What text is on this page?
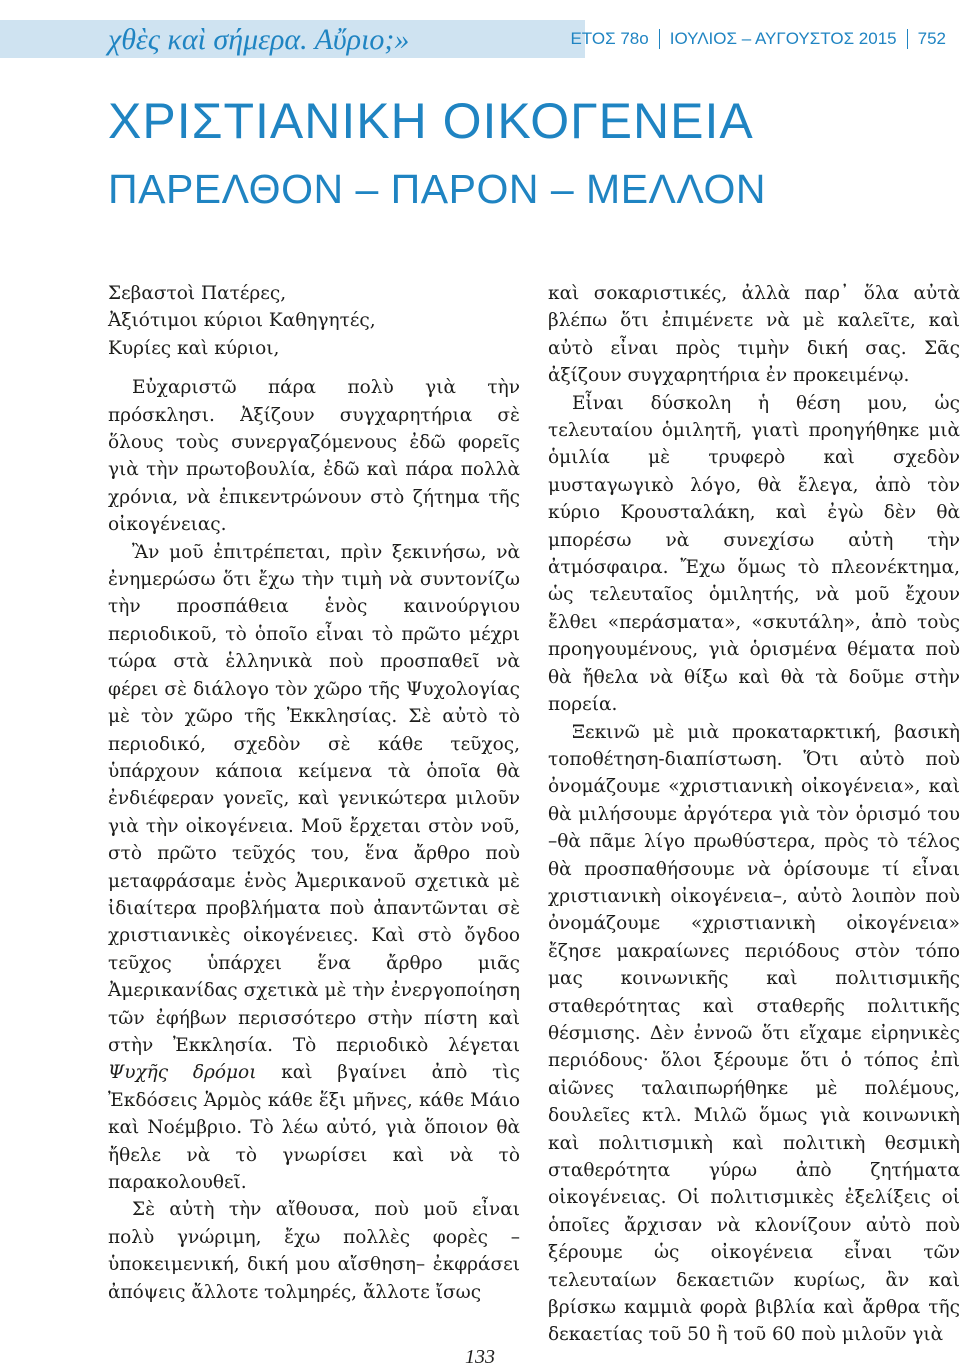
χθὲς καὶ σήμερα. Αὔριο;»	ΕΤΟΣ 78ο ΙΟΥΛΙΟΣ – ΑΥΓΟΥΣΤΟΣ 2015 752
ΧΡΙΣΤΙΑΝΙΚΗ ΟΙΚΟΓΕΝΕΙΑ
ΠΑΡΕΛΘΟΝ – ΠΑΡΟΝ – ΜΕΛΛΟΝ

Σεβαστοὶ Πατέρες,

Ἀξιότιμοι κύριοι Καθηγητές,

Κυρίες καὶ κύριοι,

Εὐχαριστῶ πάρα πολὺ γιὰ τὴν πρόσκλησι. Ἀξίζουν συγχαρητήρια σὲ ὅλους τοὺς συνεργαζόμενους ἐδῶ φορεῖς γιὰ τὴν πρωτοβουλία, ἐδῶ καὶ πάρα πολλὰ χρόνια, νὰ ἐπικεντρώνουν στὸ ζήτημα τῆς οἰκογένειας.

Ἂν μοῦ ἐπιτρέπεται, πρὶν ξεκινήσω, νὰ ἐνημερώσω ὅτι ἔχω τὴν τιμὴ νὰ συντονίζω τὴν προσπάθεια ἑνὸς καινούργιου περιοδικοῦ, τὸ ὁποῖο εἶναι τὸ πρῶτο μέχρι τώρα στὰ ἑλληνικὰ ποὺ προσπαθεῖ νὰ φέρει σὲ διάλογο τὸν χῶρο τῆς Ψυχολογίας μὲ τὸν χῶρο τῆς Ἐκκλησίας. Σὲ αὐτὸ τὸ περιοδικό, σχεδὸν σὲ κάθε τεῦχος, ὑπάρχουν κάποια κείμενα τὰ ὁποῖα θὰ ἐνδιέφεραν γονεῖς, καὶ γενικώτερα μιλοῦν γιὰ τὴν οἰκογένεια. Μοῦ ἔρχεται στὸν νοῦ, στὸ πρῶτο τεῦχός του, ἕνα ἄρθρο ποὺ μεταφράσαμε ἑνὸς Ἀμερικανοῦ σχετικὰ μὲ ἰδιαίτερα προβλήματα ποὺ ἀπαντῶνται σὲ χριστιανικὲς οἰκογένειες. Καὶ στὸ ὄγδοο τεῦχος ὑπάρχει ἕνα ἄρθρο μιᾶς Ἀμερικανίδας σχετικὰ μὲ τὴν ἐνεργοποίηση τῶν ἐφήβων περισσότερο στὴν πίστη καὶ στὴν Ἐκκλησία. Τὸ περιοδικὸ λέγεται Ψυχῆς δρόμοι καὶ βγαίνει ἀπὸ τὶς Ἐκδόσεις Ἁρμὸς κάθε ἕξι μῆνες, κάθε Μάιο καὶ Νοέμβριο. Τὸ λέω αὐτό, γιὰ ὅποιον θὰ ἤθελε νὰ τὸ γνωρίσει καὶ νὰ τὸ παρακολουθεῖ.

Σὲ αὐτὴ τὴν αἴθουσα, ποὺ μοῦ εἶναι πολὺ γνώριμη, ἔχω πολλὲς φορὲς –ὑποκειμενική, δική μου αἴσθηση– ἐκφράσει ἀπόψεις ἄλλοτε τολμηρές, ἄλλοτε ἴσως

καὶ σοκαριστικές, ἀλλὰ παρ᾽ ὅλα αὐτὰ βλέπω ὅτι ἐπιμένετε νὰ μὲ καλεῖτε, καὶ αὐτὸ εἶναι πρὸς τιμὴν δική σας. Σᾶς ἀξίζουν συγχαρητήρια ἐν προκειμένῳ.

Εἶναι δύσκολη ἡ θέση μου, ὡς τελευταίου ὁμιλητῆ, γιατὶ προηγήθηκε μιὰ ὁμιλία μὲ τρυφερὸ καὶ σχεδὸν μυσταγωγικὸ λόγο, θὰ ἔλεγα, ἀπὸ τὸν κύριο Κρουσταλάκη, καὶ ἐγὼ δὲν θὰ μπορέσω νὰ συνεχίσω αὐτὴ τὴν ἀτμόσφαιρα. Ἔχω ὅμως τὸ πλεονέκτημα, ὡς τελευταῖος ὁμιλητής, νὰ μοῦ ἔχουν ἔλθει «περάσματα», «σκυτάλη», ἀπὸ τοὺς προηγουμένους, γιὰ ὁρισμένα θέματα ποὺ θὰ ἤθελα νὰ θίξω καὶ θὰ τὰ δοῦμε στὴν πορεία.

Ξεκινῶ μὲ μιὰ προκαταρκτική, βασικὴ τοποθέτηση-διαπίστωση. Ὅτι αὐτὸ ποὺ ὀνομάζουμε «χριστιανικὴ οἰκογένεια», καὶ θὰ μιλήσουμε ἀργότερα γιὰ τὸν ὁρισμό του –θὰ πᾶμε λίγο πρωθύστερα, πρὸς τὸ τέλος θὰ προσπαθήσουμε νὰ ὁρίσουμε τί εἶναι χριστιανικὴ οἰκογένεια–, αὐτὸ λοιπὸν ποὺ ὀνομάζουμε «χριστιανικὴ οἰκογένεια» ἔζησε μακραίωνες περιόδους στὸν τόπο μας κοινωνικῆς καὶ πολιτισμικῆς σταθερότητας καὶ σταθερῆς πολιτικῆς θέσμισης. Δὲν ἐννοῶ ὅτι εἴχαμε εἰρηνικὲς περιόδους· ὅλοι ξέρουμε ὅτι ὁ τόπος ἐπὶ αἰῶνες ταλαιπωρήθηκε μὲ πολέμους, δουλεῖες κτλ. Μιλῶ ὅμως γιὰ κοινωνικὴ καὶ πολιτισμικὴ καὶ πολιτικὴ θεσμικὴ σταθερότητα γύρω ἀπὸ ζητήματα οἰκογένειας. Οἱ πολιτισμικὲς ἐξελίξεις οἱ ὁποῖες ἄρχισαν νὰ κλονίζουν αὐτὸ ποὺ ξέρουμε ὡς οἰκογένεια εἶναι τῶν τελευταίων δεκαετιῶν κυρίως, ἂν καὶ βρίσκω καμμιὰ φορὰ βιβλία καὶ ἄρθρα τῆς δεκαετίας τοῦ 50 ἢ τοῦ 60 ποὺ μιλοῦν γιὰ

133
